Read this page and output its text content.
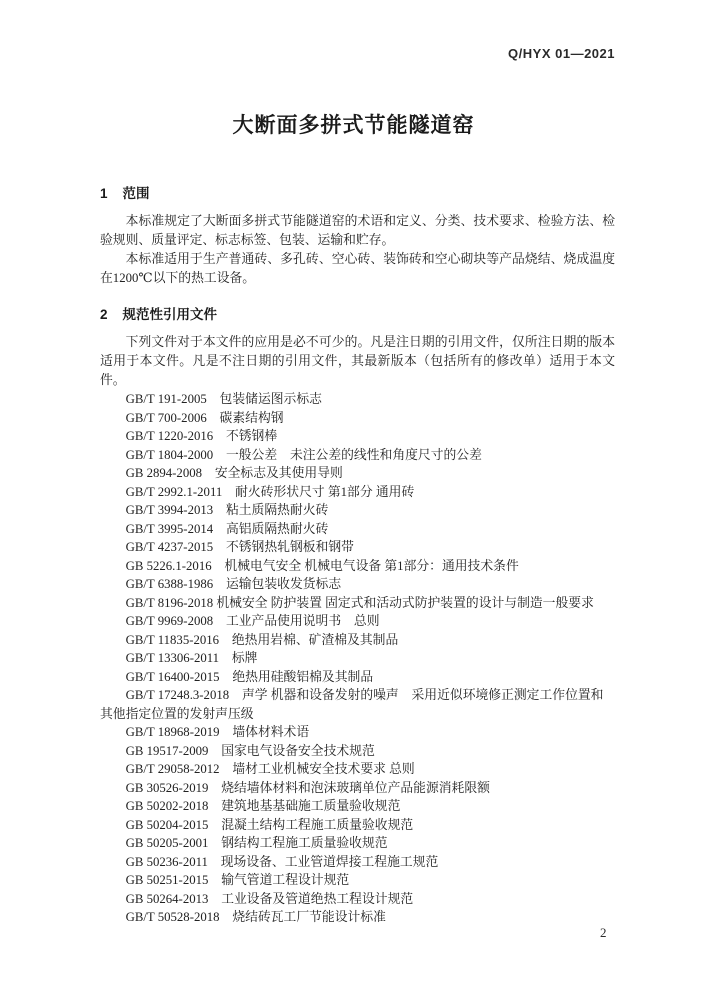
Q/HYX 01—2021
大断面多拼式节能隧道窑
1 范围

本标准规定了大断面多拼式节能隧道窑的术语和定义、分类、技术要求、检验方法、检验规则、质量评定、标志标签、包装、运输和贮存。

本标准适用于生产普通砖、多孔砖、空心砖、装饰砖和空心砌块等产品烧结、烧成温度在1200℃以下的热工设备。

2 规范性引用文件

下列文件对于本文件的应用是必不可少的。凡是注日期的引用文件，仅所注日期的版本适用于本文件。凡是不注日期的引用文件，其最新版本（包括所有的修改单）适用于本文件。

GB/T 191-2005　包装储运图示标志

GB/T 700-2006　碳素结构钢

GB/T 1220-2016　不锈钢棒

GB/T 1804-2000　一般公差　未注公差的线性和角度尺寸的公差

GB 2894-2008　安全标志及其使用导则

GB/T 2992.1-2011　耐火砖形状尺寸 第1部分 通用砖

GB/T 3994-2013　粘土质隔热耐火砖

GB/T 3995-2014　高铝质隔热耐火砖

GB/T 4237-2015　不锈钢热轧钢板和钢带

GB 5226.1-2016　机械电气安全 机械电气设备 第1部分：通用技术条件

GB/T 6388-1986　运输包装收发货标志

GB/T 8196-2018 机械安全 防护装置 固定式和活动式防护装置的设计与制造一般要求

GB/T 9969-2008　工业产品使用说明书　总则

GB/T 11835-2016　绝热用岩棉、矿渣棉及其制品

GB/T 13306-2011　标牌

GB/T 16400-2015　绝热用硅酸铝棉及其制品

GB/T 17248.3-2018　声学 机器和设备发射的噪声　采用近似环境修正测定工作位置和其他指定位置的发射声压级

GB/T 18968-2019　墙体材料术语

GB 19517-2009　国家电气设备安全技术规范

GB/T 29058-2012　墙材工业机械安全技术要求 总则

GB 30526-2019　烧结墙体材料和泡沫玻璃单位产品能源消耗限额

GB 50202-2018　建筑地基基础施工质量验收规范

GB 50204-2015　混凝土结构工程施工质量验收规范

GB 50205-2001　钢结构工程施工质量验收规范

GB 50236-2011　现场设备、工业管道焊接工程施工规范

GB 50251-2015　输气管道工程设计规范

GB 50264-2013　工业设备及管道绝热工程设计规范

GB/T 50528-2018　烧结砖瓦工厂节能设计标准

2
